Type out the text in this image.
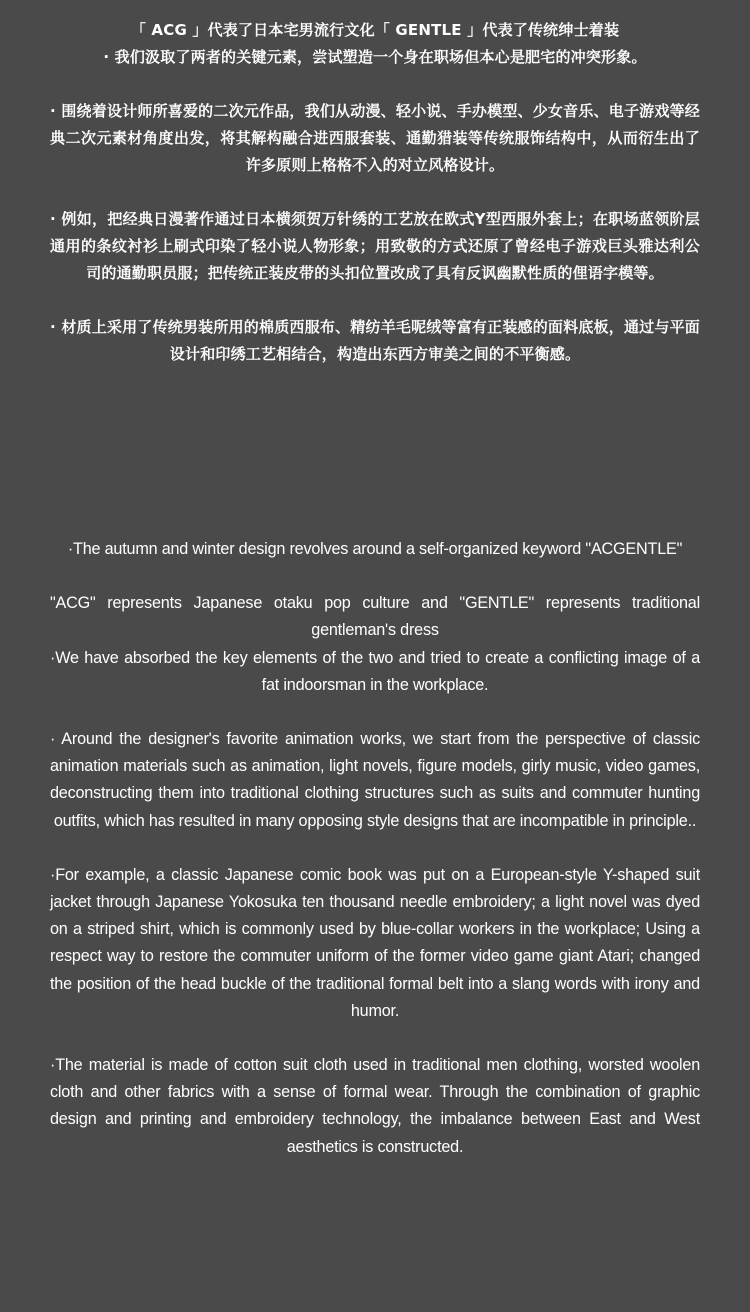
「 ACG 」代表了日本宅男流行文化「 GENTLE 」代表了传统绅士着装
· 我们汲取了两者的关键元素，尝试塑造一个身在职场但本心是肥宅的冲突形象。

· 围绕着设计师所喜爱的二次元作品，我们从动漫、轻小说、手办模型、少女音乐、电子游戏等经典二次元素材角度出发，将其解构融合进西服套装、通勤猎装等传统服饰结构中，从而衍生出了许多原则上格格不入的对立风格设计。

· 例如，把经典日漫著作通过日本横须贺万针绣的工艺放在欧式Y型西服外套上；在职场蓝领阶层通用的条纹衬衫上刷式印染了轻小说人物形象；用致敬的方式还原了曾经电子游戏巨头雅达利公司的通勤职员服；把传统正装皮带的头扣位置改成了具有反讽幽默性质的俚语字模等。

· 材质上采用了传统男装所用的棉质西服布、精纺羊毛呢绒等富有正装感的面料底板，通过与平面设计和印绣工艺相结合，构造出东西方审美之间的不平衡感。

·The autumn and winter design revolves around a self-organized keyword "ACGENTLE"

"ACG" represents Japanese otaku pop culture and "GENTLE" represents traditional gentleman's dress
·We have absorbed the key elements of the two and tried to create a conflicting image of a fat indoorsman in the workplace.

· Around the designer's favorite animation works, we start from the perspective of classic animation materials such as animation, light novels, figure models, girly music, video games, deconstructing them into traditional clothing structures such as suits and commuter hunting outfits, which has resulted in many opposing style designs that are incompatible in principle..

·For example, a classic Japanese comic book was put on a European-style Y-shaped suit jacket through Japanese Yokosuka ten thousand needle embroidery; a light novel was dyed on a striped shirt, which is commonly used by blue-collar workers in the workplace; Using a respect way to restore the commuter uniform of the former video game giant Atari; changed the position of the head buckle of the traditional formal belt into a slang words with irony and humor.

·The material is made of cotton suit cloth used in traditional men clothing, worsted woolen cloth and other fabrics with a sense of formal wear. Through the combination of graphic design and printing and embroidery technology, the imbalance between East and West aesthetics is constructed.
